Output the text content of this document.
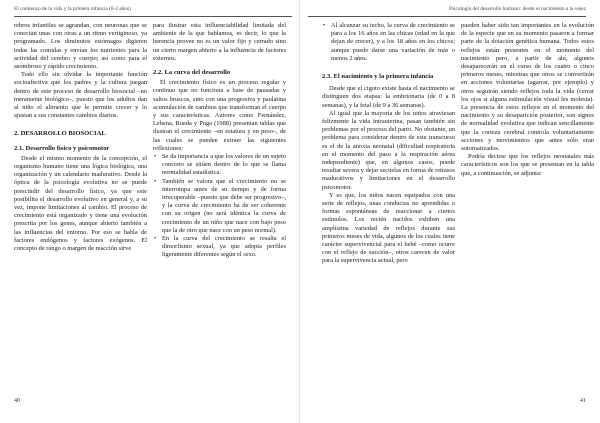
El comienzo de la vida y la primera infancia (0-2 años)

rebros infantiles se agrandan, con neuronas que se conectan unas con otras a un ritmo vertiginoso, ya programado. Los diminutos estómagos digieren todas las comidas y envían los nutrientes para la actividad del cerebro y cuerpo; así como para el asombroso y rápido crecimiento.

Todo ello sin olvidar la importante función socioafectiva que los padres y la cultura juegan dentro de este proceso de desarrollo biosocial –no meramente biológico–, puesto que los adultos dan al niño el alimento que le permite crecer y lo ajustan a sus constantes cambios diarios.

2. DESARROLLO BIOSOCIAL
2.1. Desarrollo físico y psicomotor

Desde el mismo momento de la concepción, el organismo humano tiene una lógica biológica, una organización y un calendario madurativo. Desde la óptica de la psicología evolutiva no se puede prescindir del desarrollo físico, ya que este posibilita el desarrollo evolutivo en general y, a su vez, impone limitaciones al cambio. El proceso de crecimiento está organizado y tiene una evolución prescrita por los genes, aunque abierto también a las influencias del entorno. Por eso se habla de factores endógenos y factores exógenos. El concepto de rango o margen de reacción sirve

para ilustrar esta influenciabilidad limitada del ambiente de la que hablamos, es decir, lo que la herencia provee no es un valor fijo y cerrado sino un cierto margen abierto a la influencia de factores externos.

2.2. La curva del desarrollo

El crecimiento físico es un proceso regular y continuo que no funciona a base de pausadas y saltos bruscos, sino con una progresiva y paulatina acumulación de cambios que transforman el cuerpo y sus características. Autores como Fernández, Lebena, Rueda y Puga (1988) presentan tablas que ilustran el crecimiento –en estatura y en peso–, de las cuales se pueden extraer las siguientes reflexiones:

• Se da importancia a que los valores de un sujeto concreto se sitúen dentro de lo que se llama normalidad estadística.
• También se valora que el crecimiento no se interrumpa antes de su tiempo y de forma irrecuperable –puesto que debe ser progresivo–, y la curva de crecimiento ha de ser coherente con su origen (no será idéntica la curva de crecimiento de un niño que nace con bajo peso que la de otro que nace con un peso normal).
• En la curva del crecimiento se resalta el dimorfismo sexual, ya que adopta perfiles ligeramente diferentes según el sexo.
40
Psicología del desarrollo humano: desde el nacimiento a la vejez
• Al alcanzar su techo, la curva de crecimiento se para a los 16 años en las chicas (edad en la que dejan de crecer), y a los 18 años en los chicos; aunque puede darse una variación de más o menos 2 años.
2.3. El nacimiento y la primera infancia

Desde que el cigoto existe hasta el nacimiento se distinguen dos etapas: la embrionaria (de 0 a 8 semanas), y la fetal (de 9 a 36 semanas).

Al igual que la mayoría de los niños atraviesan felizmente la vida intrauterina, pasan también sin problemas por el proceso del parto. No obstante, un problema para considerar dentro de este transcurso es el de la anoxia neonatal (dificultad respiratoria en el momento del paso a la respiración aérea independiente) que, en algunos casos, puede resultar severa y dejar secuelas en forma de retrasos madurativos y limitaciones en el desarrollo psicomotor.

Y es que, los niños nacen equipados con una serie de reflejos, unas conductas no aprendidas o formas espontáneas de reaccionar a ciertos estímulos. Los recién nacidos exhiben una amplísima variedad de reflejos durante sus primeros meses de vida, algunos de los cuales tiene carácter supervivencial para el bebé –como ocurre con el reflejo de succión–, otros carecen de valor para la supervivencia actual, pero

pueden haber sido tan importantes en la evolución de la especie que en su momento pasaron a formar parte de la dotación genética humana. Todos estos reflejos están presentes en el momento del nacimiento pero, a partir de ahí, algunos desaparecerán en el curso de los cuatro o cinco primeros meses, mientras que otros se convertirán en acciones voluntarias (agarrar, por ejemplo) y otros seguirán siendo reflejos toda la vida (cerrar los ojos si alguna estimulación visual les molesta). La presencia de estos reflejos en el momento del nacimiento y su desaparición posterior, son signos de normalidad evolutiva que indican sencillamente que la corteza cerebral controla voluntariamente acciones y movimientos que antes sólo eran automatizados.

Podría decirse que los reflejos neonatales más característicos son los que se presentan en la tabla que, a continuación, se adjunta:

41
